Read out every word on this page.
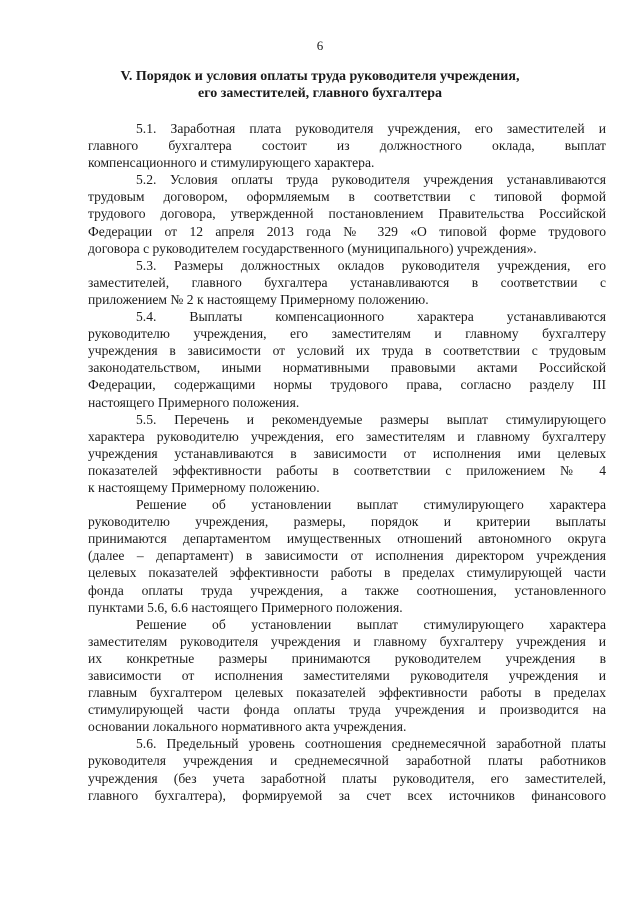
6
V. Порядок и условия оплаты труда руководителя учреждения,
его заместителей, главного бухгалтера
5.1. Заработная плата руководителя учреждения, его заместителей и
главного бухгалтера состоит из должностного оклада, выплат
компенсационного и стимулирующего характера.
5.2. Условия оплаты труда руководителя учреждения устанавливаются
трудовым договором, оформляемым в соответствии с типовой формой
трудового договора, утвержденной постановлением Правительства Российской
Федерации от 12 апреля 2013 года № 329 «О типовой форме трудового
договора с руководителем государственного (муниципального) учреждения».
5.3. Размеры должностных окладов руководителя учреждения, его
заместителей, главного бухгалтера устанавливаются в соответствии с
приложением № 2 к настоящему Примерному положению.
5.4. Выплаты компенсационного характера устанавливаются
руководителю учреждения, его заместителям и главному бухгалтеру
учреждения в зависимости от условий их труда в соответствии с трудовым
законодательством, иными нормативными правовыми актами Российской
Федерации, содержащими нормы трудового права, согласно разделу III
настоящего Примерного положения.
5.5. Перечень и рекомендуемые размеры выплат стимулирующего
характера руководителю учреждения, его заместителям и главному бухгалтеру
учреждения устанавливаются в зависимости от исполнения ими целевых
показателей эффективности работы в соответствии с приложением № 4
к настоящему Примерному положению.
Решение об установлении выплат стимулирующего характера
руководителю учреждения, размеры, порядок и критерии выплаты
принимаются департаментом имущественных отношений автономного округа
(далее – департамент) в зависимости от исполнения директором учреждения
целевых показателей эффективности работы в пределах стимулирующей части
фонда оплаты труда учреждения, а также соотношения, установленного
пунктами 5.6, 6.6 настоящего Примерного положения.
Решение об установлении выплат стимулирующего характера
заместителям руководителя учреждения и главному бухгалтеру учреждения и
их конкретные размеры принимаются руководителем учреждения в
зависимости от исполнения заместителями руководителя учреждения и
главным бухгалтером целевых показателей эффективности работы в пределах
стимулирующей части фонда оплаты труда учреждения и производится на
основании локального нормативного акта учреждения.
5.6. Предельный уровень соотношения среднемесячной заработной платы
руководителя учреждения и среднемесячной заработной платы работников
учреждения (без учета заработной платы руководителя, его заместителей,
главного бухгалтера), формируемой за счет всех источников финансового
